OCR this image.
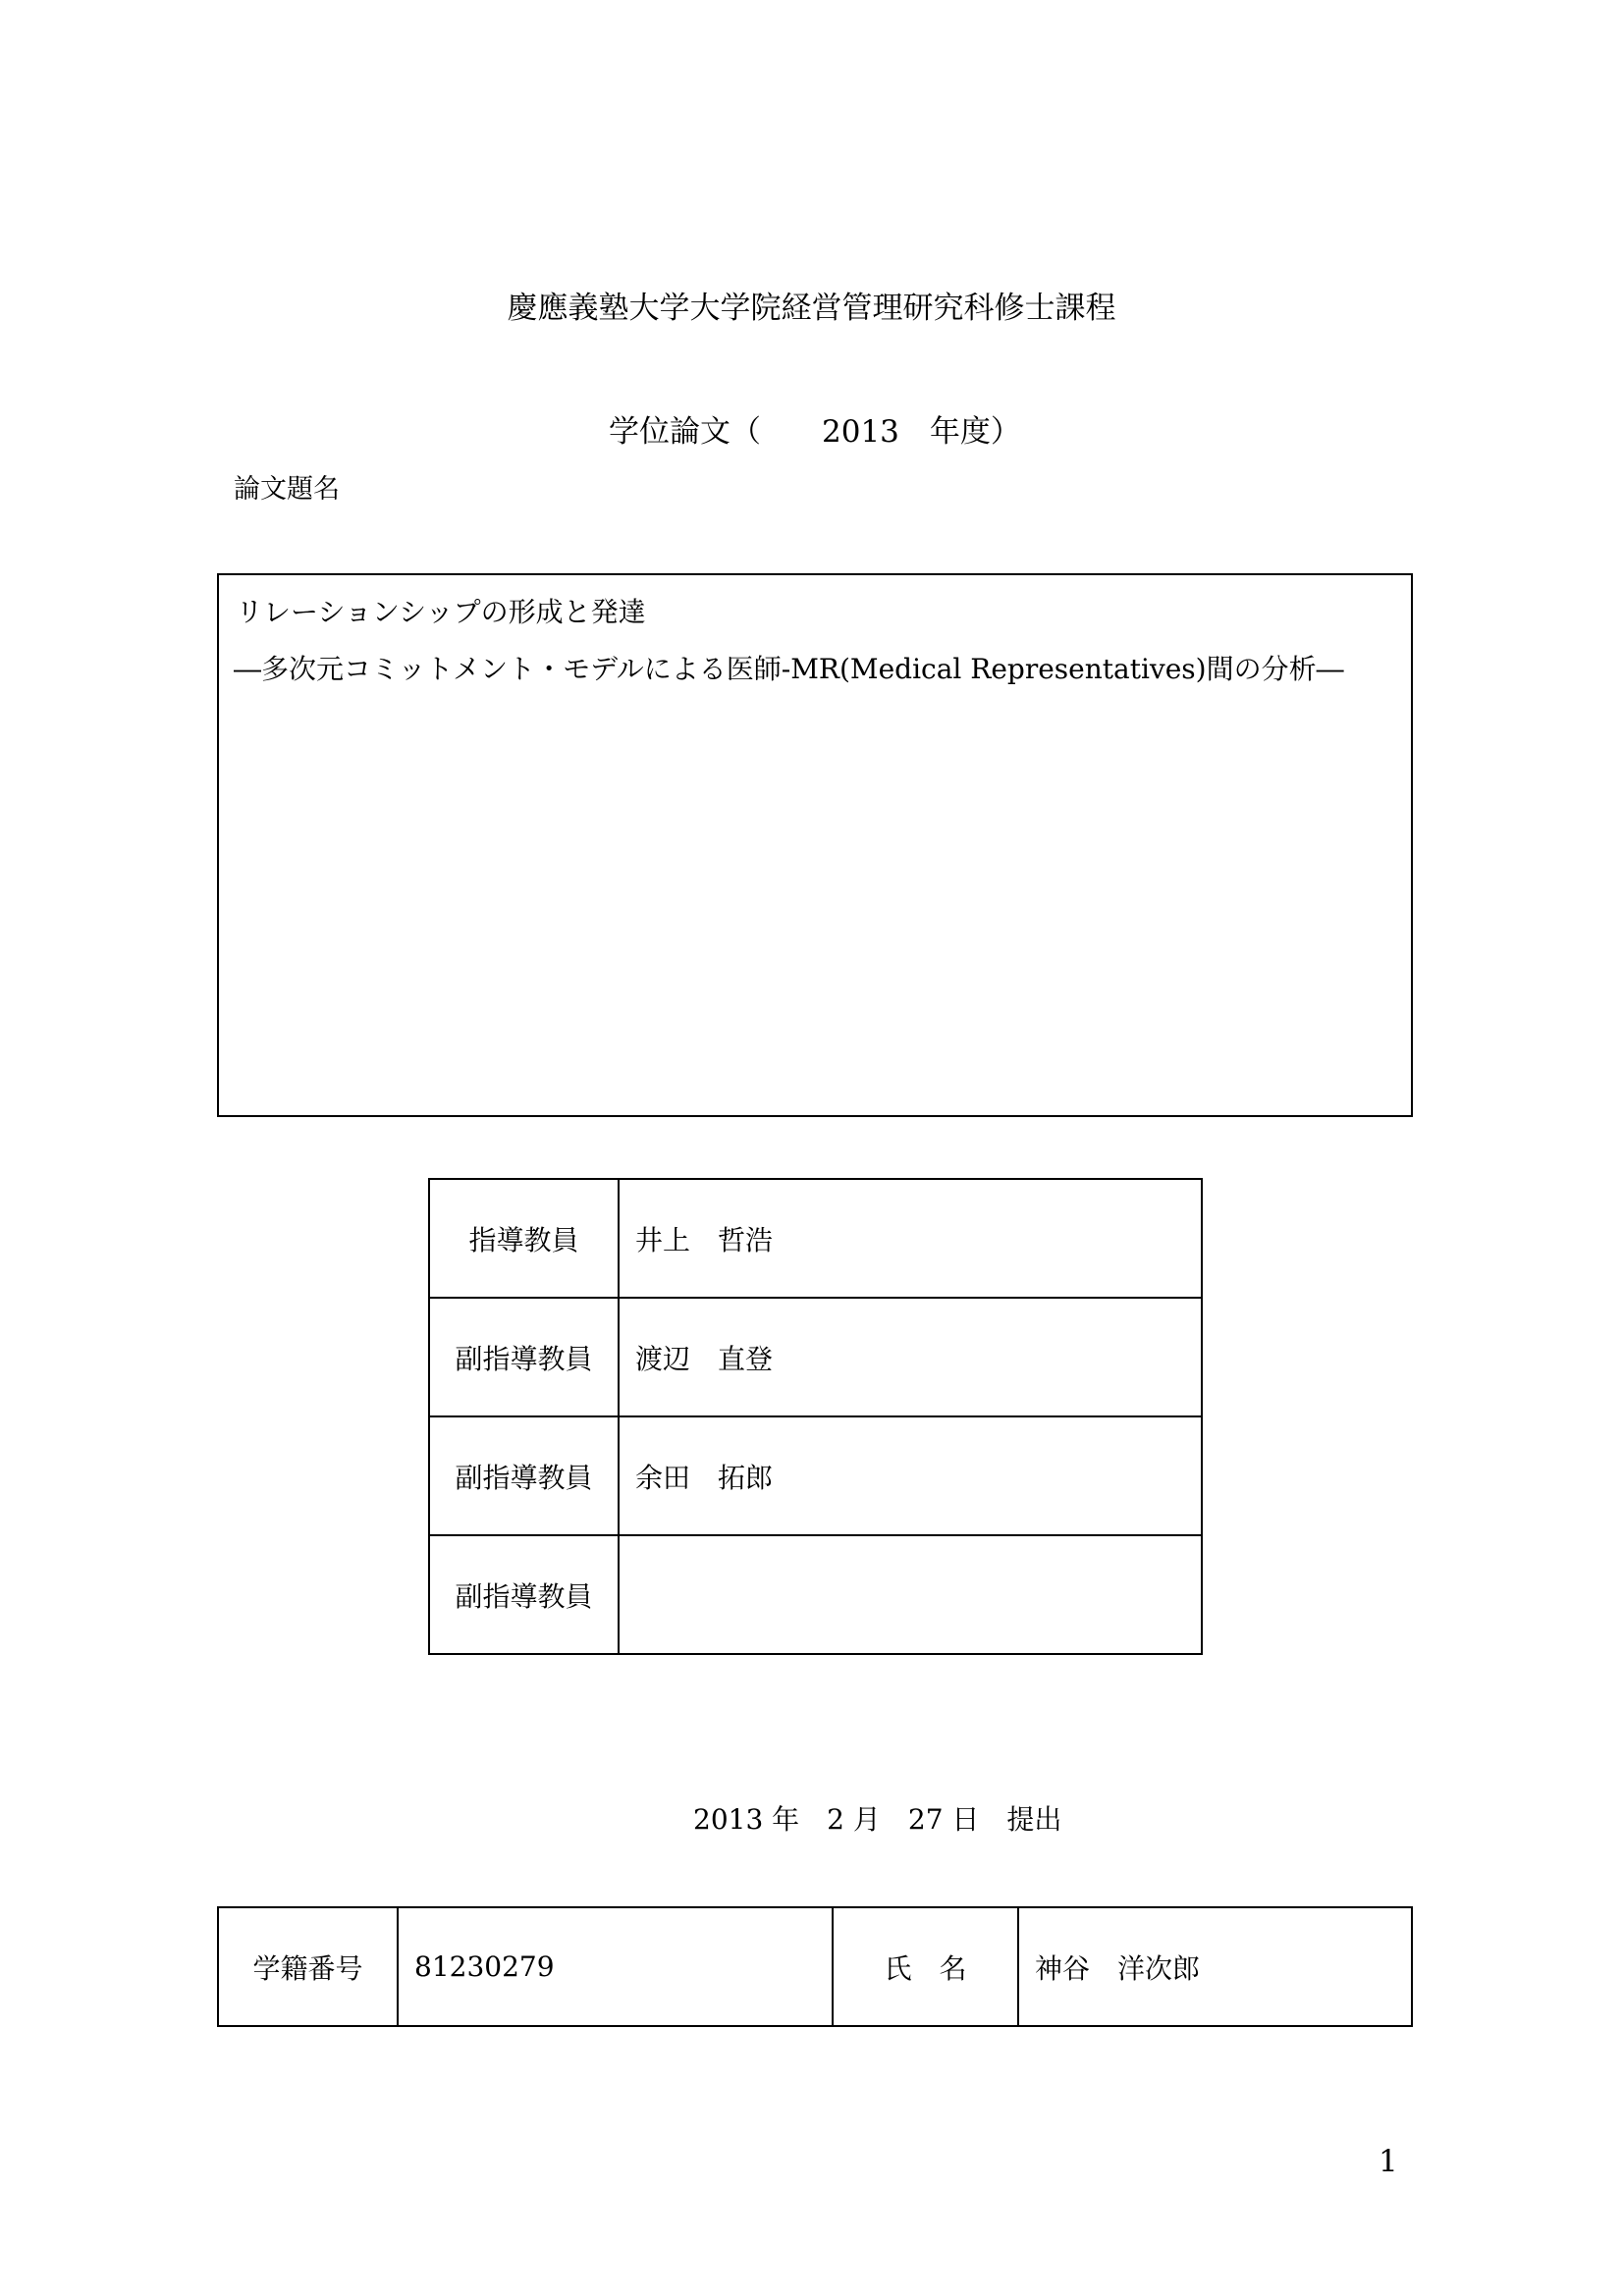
慶應義塾大学大学院経営管理研究科修士課程
学位論文（　　2013　年度）
論文題名
リレーションシップの形成と発達
―多次元コミットメント・モデルによる医師-MR(Medical Representatives)間の分析―
指導教員	井上　哲浩
副指導教員	渡辺　直登
副指導教員	余田　拓郎
副指導教員	
2013 年　2 月　27 日　提出
学籍番号	81230279	氏　名	神谷　洋次郎
1
